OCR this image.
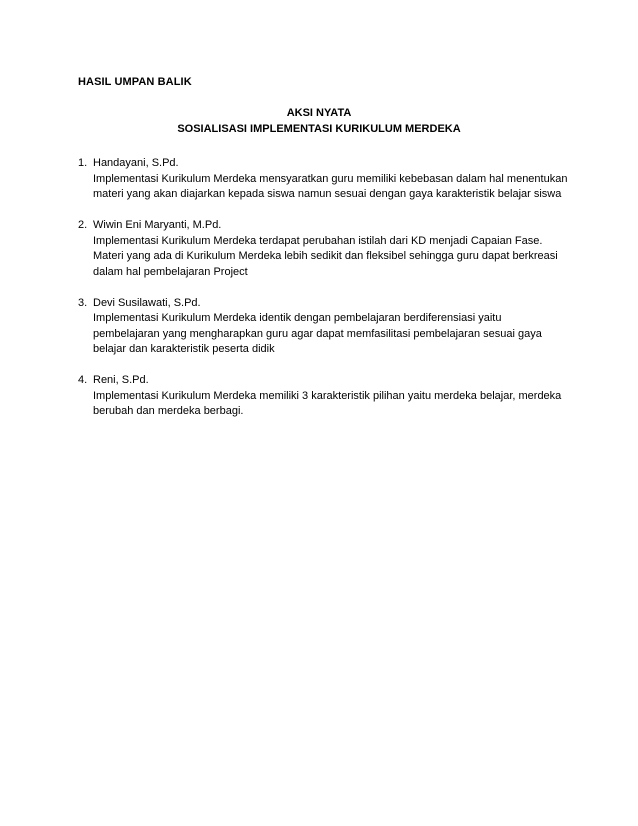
HASIL UMPAN BALIK
AKSI NYATA
SOSIALISASI IMPLEMENTASI KURIKULUM MERDEKA
1. Handayani, S.Pd.
Implementasi Kurikulum Merdeka mensyaratkan guru memiliki kebebasan dalam hal menentukan materi yang akan diajarkan kepada siswa namun sesuai dengan gaya karakteristik belajar siswa
2. Wiwin Eni Maryanti, M.Pd.
Implementasi Kurikulum Merdeka terdapat perubahan istilah dari KD menjadi Capaian Fase. Materi yang ada di Kurikulum Merdeka lebih sedikit dan fleksibel sehingga guru dapat berkreasi dalam hal pembelajaran Project
3. Devi Susilawati, S.Pd.
Implementasi Kurikulum Merdeka identik dengan pembelajaran berdiferensiasi yaitu pembelajaran yang mengharapkan guru agar dapat memfasilitasi pembelajaran sesuai gaya belajar dan karakteristik peserta didik
4. Reni, S.Pd.
Implementasi Kurikulum Merdeka memiliki 3 karakteristik pilihan yaitu merdeka belajar, merdeka berubah dan merdeka berbagi.
